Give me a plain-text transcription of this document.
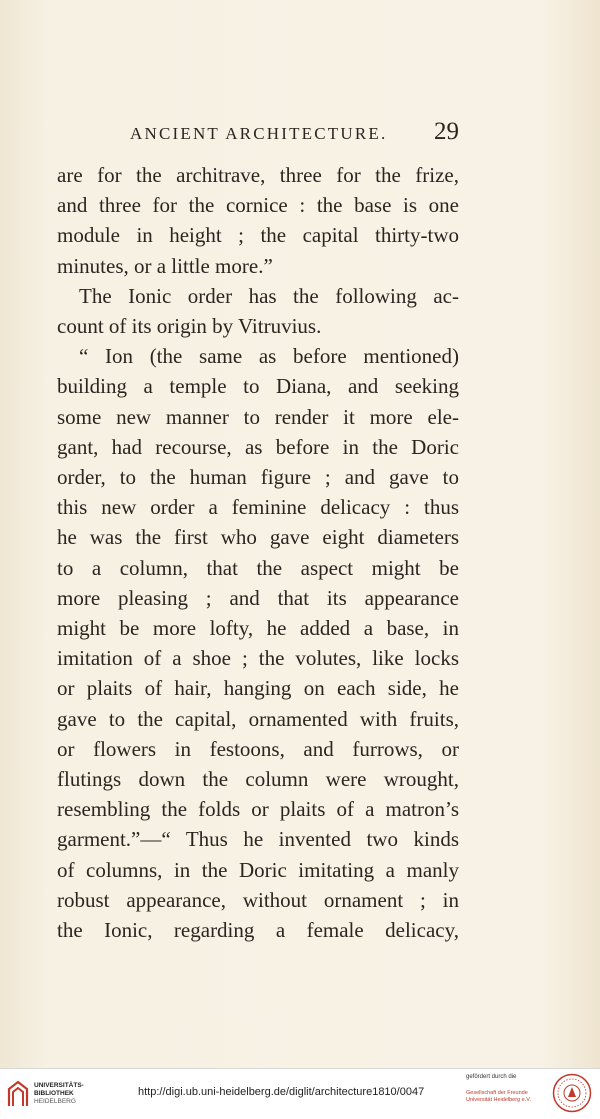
ANCIENT ARCHITECTURE.	29
are for the architrave, three for the frize,
and three for the cornice : the base is one
module in height ; the capital thirty-two
minutes, or a little more.”
The Ionic order has the following ac-
count of its origin by Vitruvius.
“ Ion (the same as before mentioned)
building a temple to Diana, and seeking
some new manner to render it more ele-
gant, had recourse, as before in the Doric
order, to the human figure ; and gave to
this new order a feminine delicacy : thus
he was the first who gave eight diameters
to a column, that the aspect might be
more pleasing ; and that its appearance
might be more lofty, he added a base, in
imitation of a shoe ; the volutes, like locks
or plaits of hair, hanging on each side, he
gave to the capital, ornamented with fruits,
or flowers in festoons, and furrows, or
flutings down the column were wrought,
resembling the folds or plaits of a matron’s
garment.”—“ Thus he invented two kinds
of columns, in the Doric imitating a manly
robust appearance, without ornament ; in
the Ionic, regarding a female delicacy,
UNIVERSITÄTS-
BIBLIOTHEK
HEIDELBERG
http://digi.ub.uni-heidelberg.de/diglit/architecture1810/0047
gefördert durch die
Gesellschaft der Freunde
Universität Heidelberg e.V.
